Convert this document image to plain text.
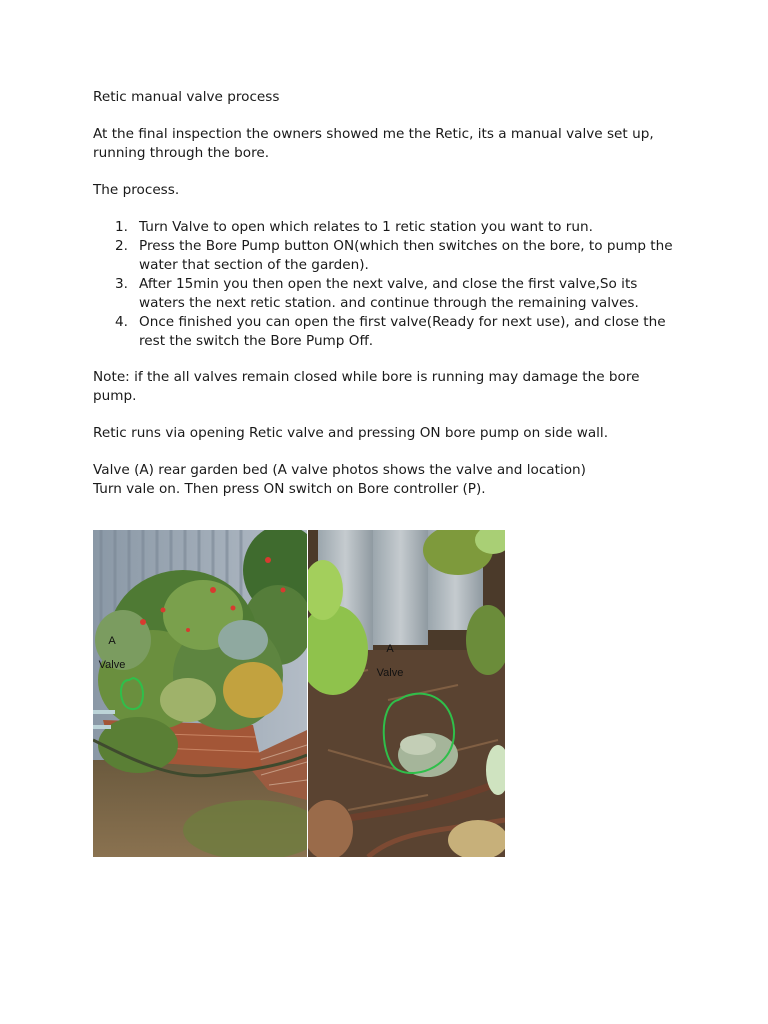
Retic manual valve process

At the final inspection the owners showed me the Retic, its a manual valve set up, running through the bore.

The process.

1. Turn Valve to open which relates to 1 retic station you want to run.
2. Press the Bore Pump button ON(which then switches on the bore, to pump the water that section of the garden).
3. After 15min you then open the next valve, and close the first valve,So its waters the next retic station. and continue through the remaining valves.
4. Once finished you can open the first valve(Ready for next use), and close the rest the switch the Bore Pump Off.

Note: if the all valves remain closed while bore is running may damage the bore pump.

Retic runs via opening Retic valve and pressing ON bore pump on side wall.

Valve (A) rear garden bed (A valve photos shows the valve and location)

Turn vale on. Then press ON switch on Bore controller (P).

A

Valve

A

Valve
